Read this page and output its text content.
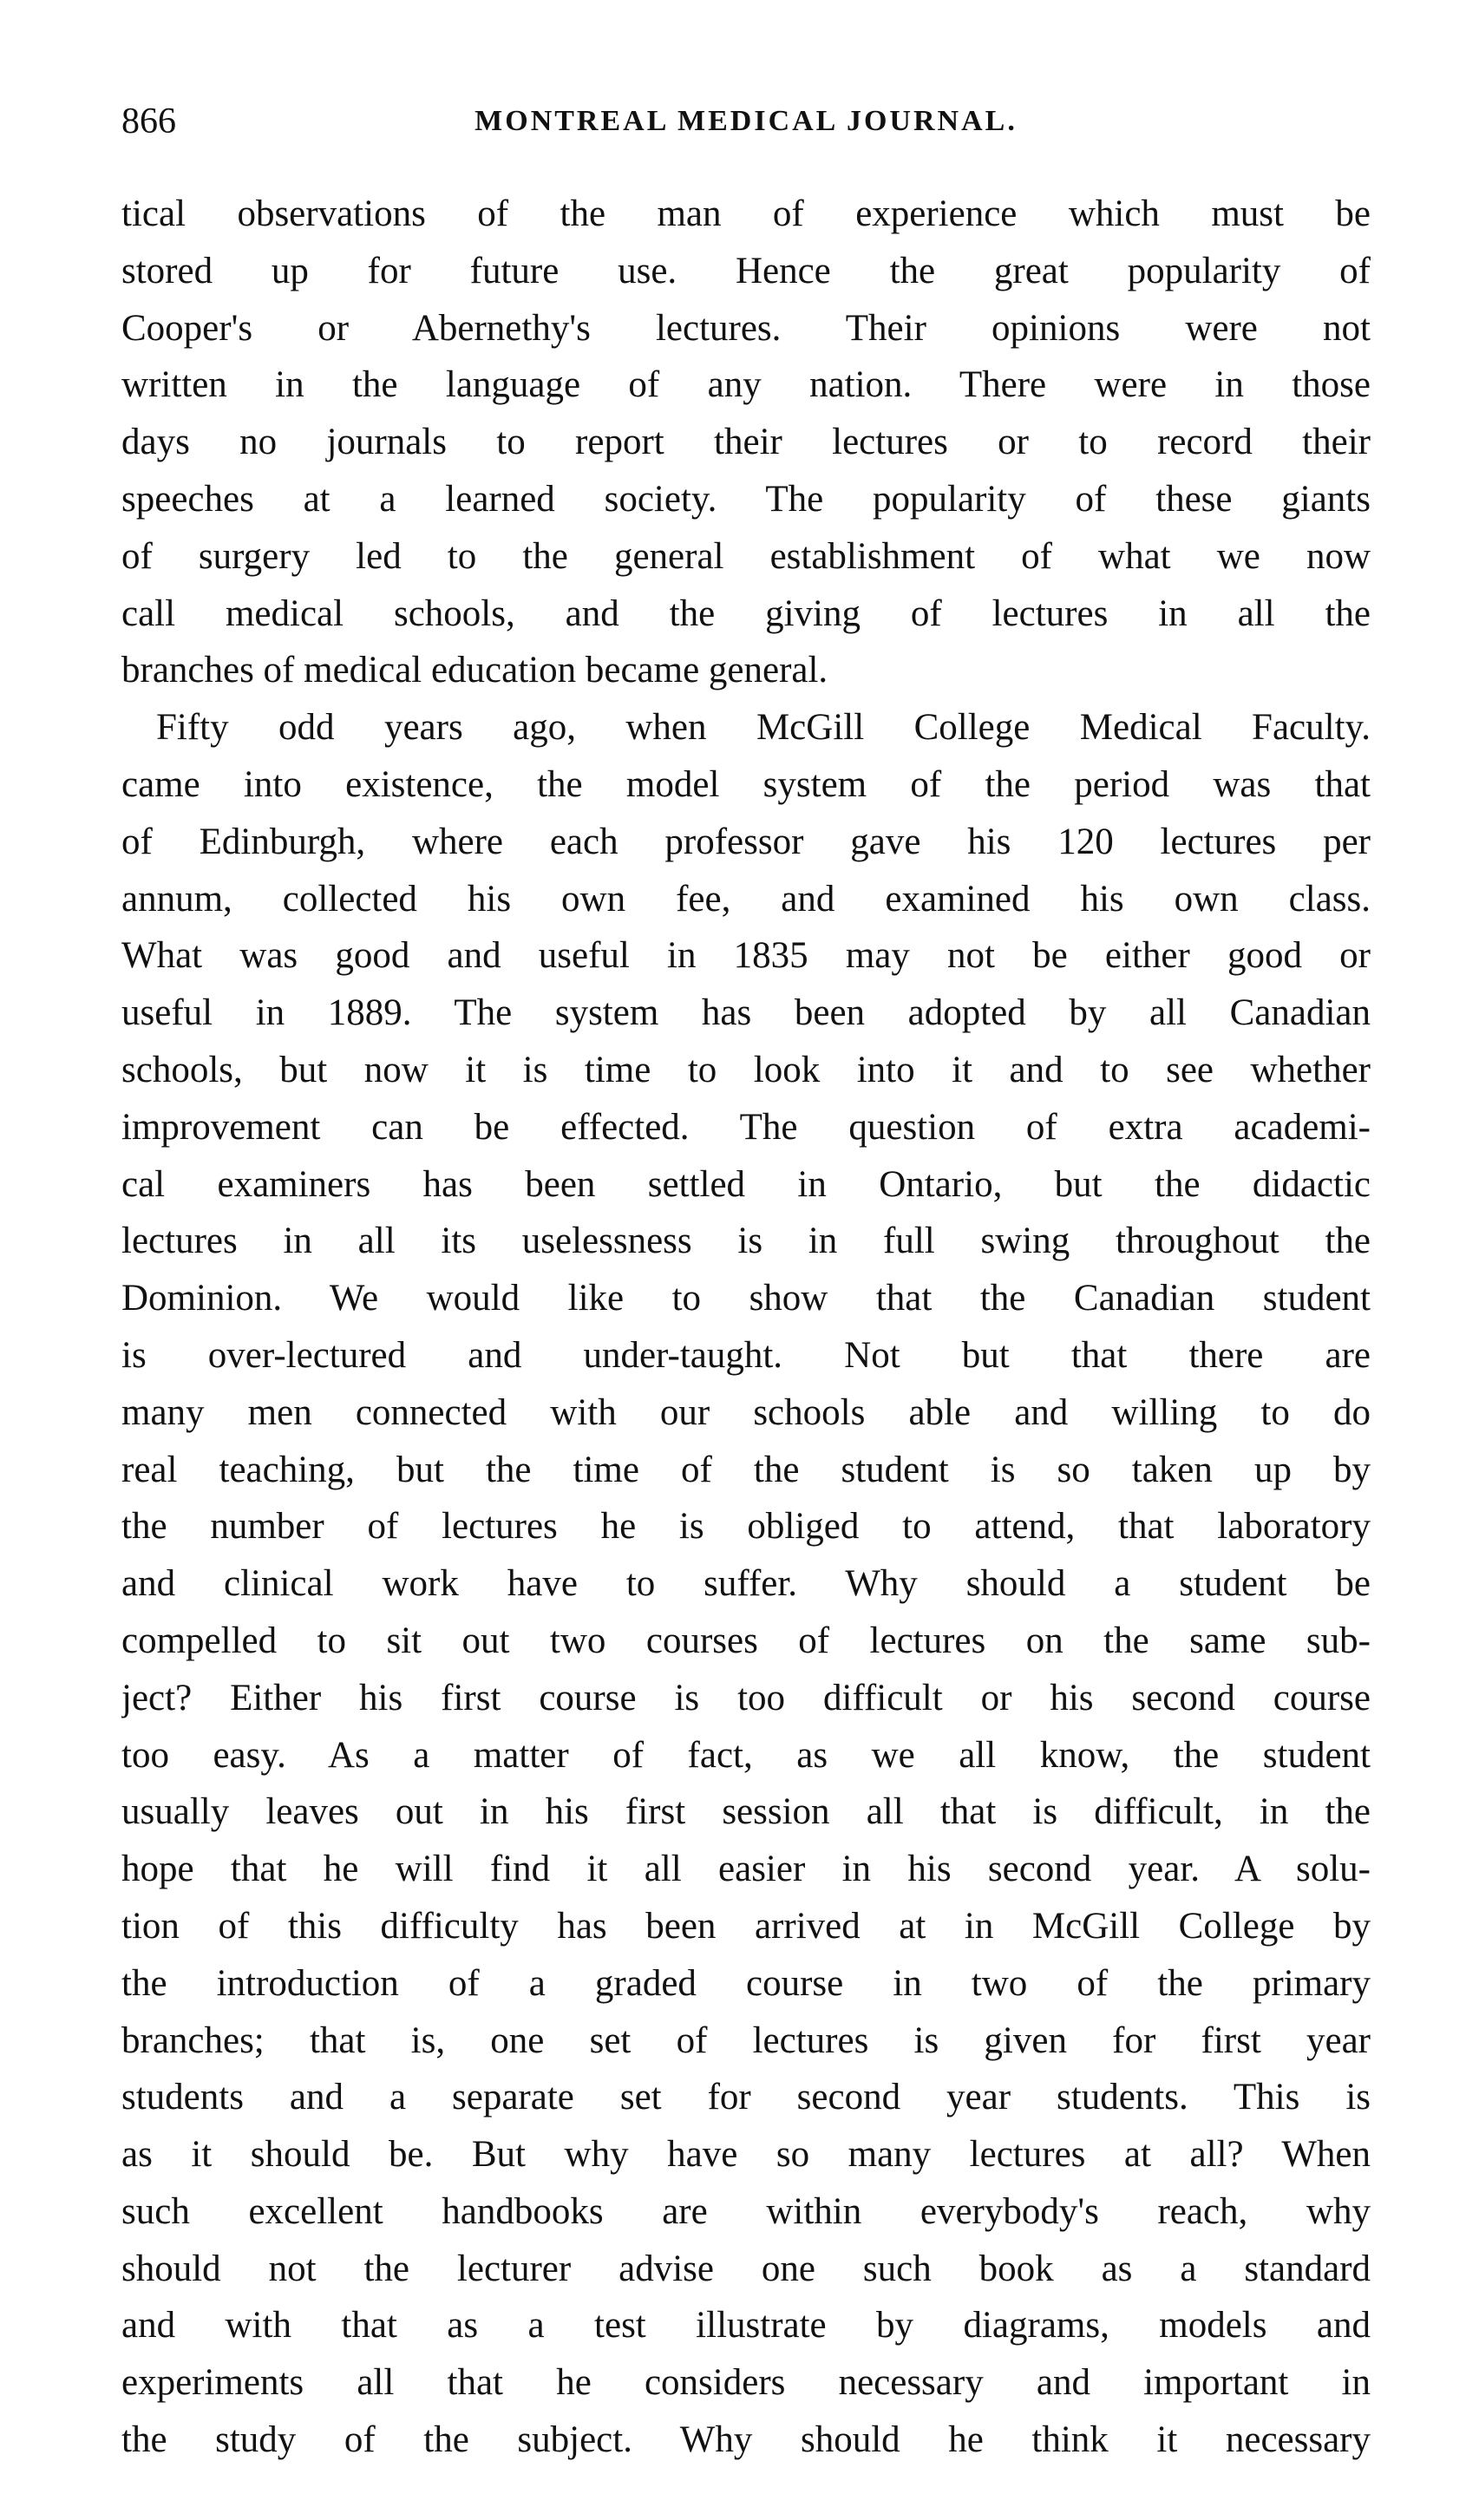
866	MONTREAL MEDICAL JOURNAL.
tical observations of the man of experience which must be
stored up for future use. Hence the great popularity of
Cooper's or Abernethy's lectures. Their opinions were not
written in the language of any nation. There were in those
days no journals to report their lectures or to record their
speeches at a learned society. The popularity of these giants
of surgery led to the general establishment of what we now
call medical schools, and the giving of lectures in all the
branches of medical education became general.
Fifty odd years ago, when McGill College Medical Faculty.
came into existence, the model system of the period was that
of Edinburgh, where each professor gave his 120 lectures per
annum, collected his own fee, and examined his own class.
What was good and useful in 1835 may not be either good or
useful in 1889. The system has been adopted by all Canadian
schools, but now it is time to look into it and to see whether
improvement can be effected. The question of extra academi-
cal examiners has been settled in Ontario, but the didactic
lectures in all its uselessness is in full swing throughout the
Dominion. We would like to show that the Canadian student
is over-lectured and under-taught. Not but that there are
many men connected with our schools able and willing to do
real teaching, but the time of the student is so taken up by
the number of lectures he is obliged to attend, that laboratory
and clinical work have to suffer. Why should a student be
compelled to sit out two courses of lectures on the same sub-
ject? Either his first course is too difficult or his second course
too easy. As a matter of fact, as we all know, the student
usually leaves out in his first session all that is difficult, in the
hope that he will find it all easier in his second year. A solu-
tion of this difficulty has been arrived at in McGill College by
the introduction of a graded course in two of the primary
branches; that is, one set of lectures is given for first year
students and a separate set for second year students. This is
as it should be. But why have so many lectures at all? When
such excellent handbooks are within everybody's reach, why
should not the lecturer advise one such book as a standard
and with that as a test illustrate by diagrams, models and
experiments all that he considers necessary and important in
the study of the subject. Why should he think it necessary
